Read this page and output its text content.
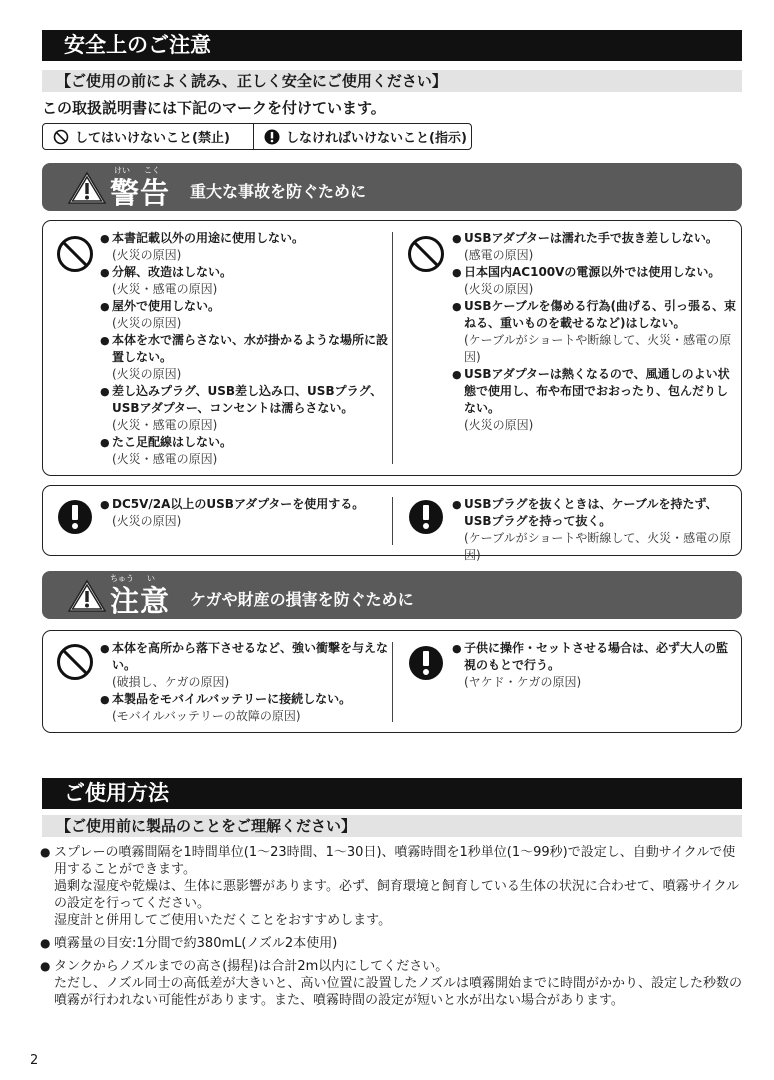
安全上のご注意
【ご使用の前によく読み、正しく安全にご使用ください】
この取扱説明書には下記のマークを付けています。
してはいけないこと(禁止)	しなければいけないこと(指示)
けい こく
警告 重大な事故を防ぐために
● 本書記載以外の用途に使用しない。
(火災の原因)
● 分解、改造はしない。
(火災・感電の原因)
● 屋外で使用しない。
(火災の原因)
● 本体を水で濡らさない、水が掛かるような場所に設置しない。
(火災の原因)
● 差し込みプラグ、USB差し込み口、USBプラグ、USBアダプター、コンセントは濡らさない。
(火災・感電の原因)
● たこ足配線はしない。
(火災・感電の原因)
● USBアダプターは濡れた手で抜き差ししない。
(感電の原因)
● 日本国内AC100Vの電源以外では使用しない。
(火災の原因)
● USBケーブルを傷める行為(曲げる、引っ張る、束ねる、重いものを載せるなど)はしない。
(ケーブルがショートや断線して、火災・感電の原因)
● USBアダプターは熱くなるので、風通しのよい状態で使用し、布や布団でおおったり、包んだりしない。
(火災の原因)
● DC5V/2A以上のUSBアダプターを使用する。
(火災の原因)
● USBプラグを抜くときは、ケーブルを持たず、USBプラグを持って抜く。
(ケーブルがショートや断線して、火災・感電の原因)
ちゅう い
注意 ケガや財産の損害を防ぐために
● 本体を高所から落下させるなど、強い衝撃を与えない。
(破損し、ケガの原因)
● 本製品をモバイルバッテリーに接続しない。
(モバイルバッテリーの故障の原因)
● 子供に操作・セットさせる場合は、必ず大人の監視のもとで行う。
(ヤケド・ケガの原因)
ご使用方法
【ご使用前に製品のことをご理解ください】
● スプレーの噴霧間隔を1時間単位(1〜23時間、1〜30日)、噴霧時間を1秒単位(1〜99秒)で設定し、自動サイクルで使用することができます。
過剰な湿度や乾燥は、生体に悪影響があります。必ず、飼育環境と飼育している生体の状況に合わせて、噴霧サイクルの設定を行ってください。
湿度計と併用してご使用いただくことをおすすめします。
● 噴霧量の目安:1分間で約380mL(ノズル2本使用)
● タンクからノズルまでの高さ(揚程)は合計2m以内にしてください。
ただし、ノズル同士の高低差が大きいと、高い位置に設置したノズルは噴霧開始までに時間がかかり、設定した秒数の噴霧が行われない可能性があります。また、噴霧時間の設定が短いと水が出ない場合があります。
2
